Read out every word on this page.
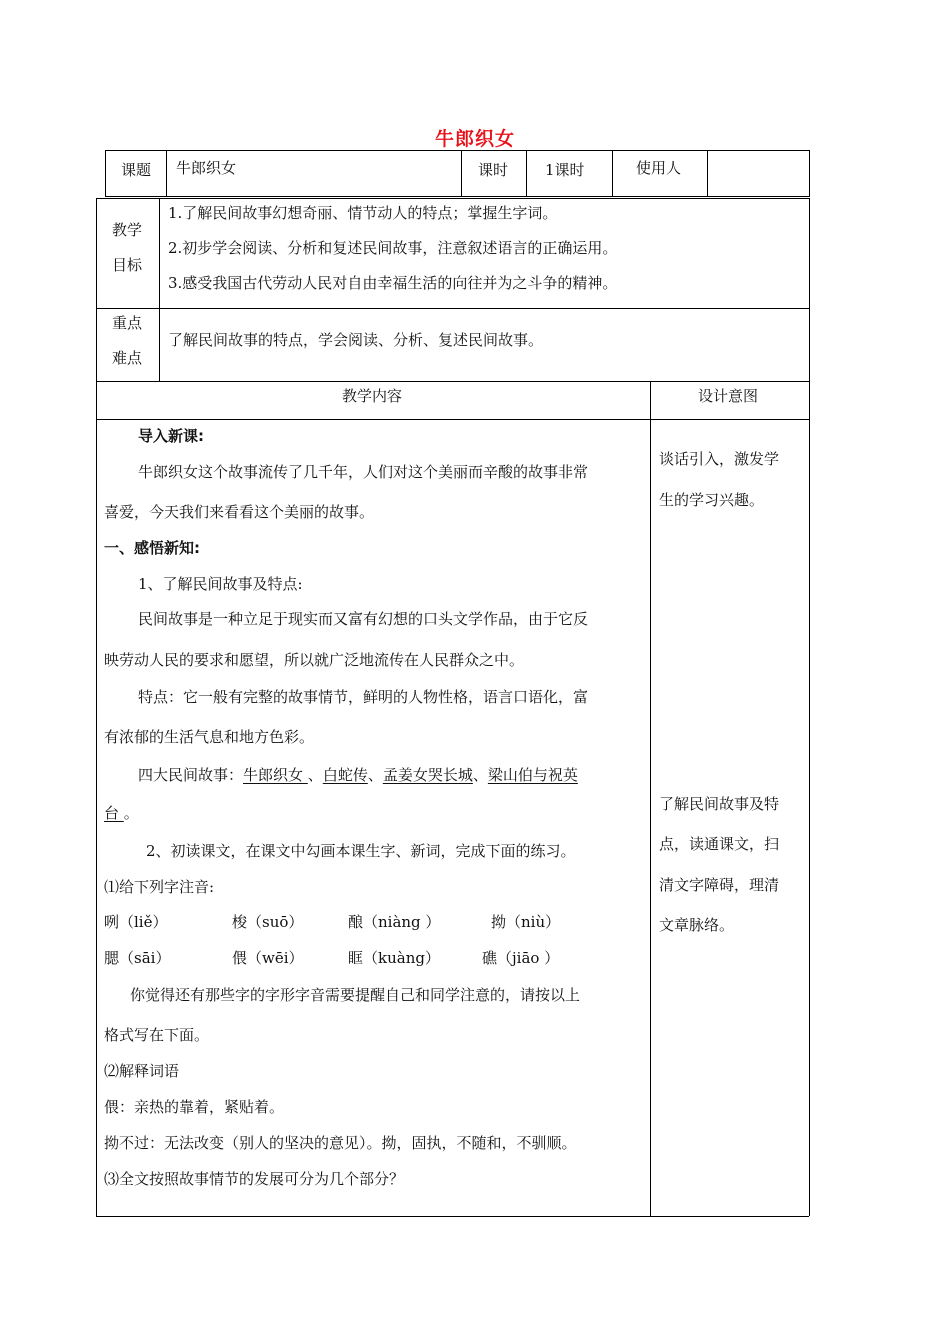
牛郎织女
课题 牛郎织女	课时 1课时	使用人
教学
目标
1.了解民间故事幻想奇丽、情节动人的特点；掌握生字词。
2.初步学会阅读、分析和复述民间故事，注意叙述语言的正确运用。
3.感受我国古代劳动人民对自由幸福生活的向往并为之斗争的精神。
重点
难点
了解民间故事的特点，学会阅读、分析、复述民间故事。
教学内容	设计意图
导入新课:
牛郎织女这个故事流传了几千年，人们对这个美丽而辛酸的故事非常
喜爱，今天我们来看看这个美丽的故事。
一、感悟新知:
1、了解民间故事及特点:
民间故事是一种立足于现实而又富有幻想的口头文学作品，由于它反
映劳动人民的要求和愿望，所以就广泛地流传在人民群众之中。
特点：它一般有完整的故事情节，鲜明的人物性格，语言口语化，富
有浓郁的生活气息和地方色彩。
四大民间故事：牛郎织女 、白蛇传、孟姜女哭长城、梁山伯与祝英
台 。
2、初读课文，在课文中勾画本课生字、新词，完成下面的练习。
⑴给下列字注音:
咧（liě）	梭（suō）	酿（niàng ）	拗（niù）
腮（sāi）	偎（wēi）	眶（kuàng）	礁（jiāo ）
你觉得还有那些字的字形字音需要提醒自己和同学注意的，请按以上
格式写在下面。
⑵解释词语
偎：亲热的靠着，紧贴着。
拗不过：无法改变（别人的坚决的意见）。拗，固执，不随和，不驯顺。
⑶全文按照故事情节的发展可分为几个部分？
谈话引入，激发学
生的学习兴趣。
了解民间故事及特
点，读通课文，扫
清文字障碍，理清
文章脉络。
